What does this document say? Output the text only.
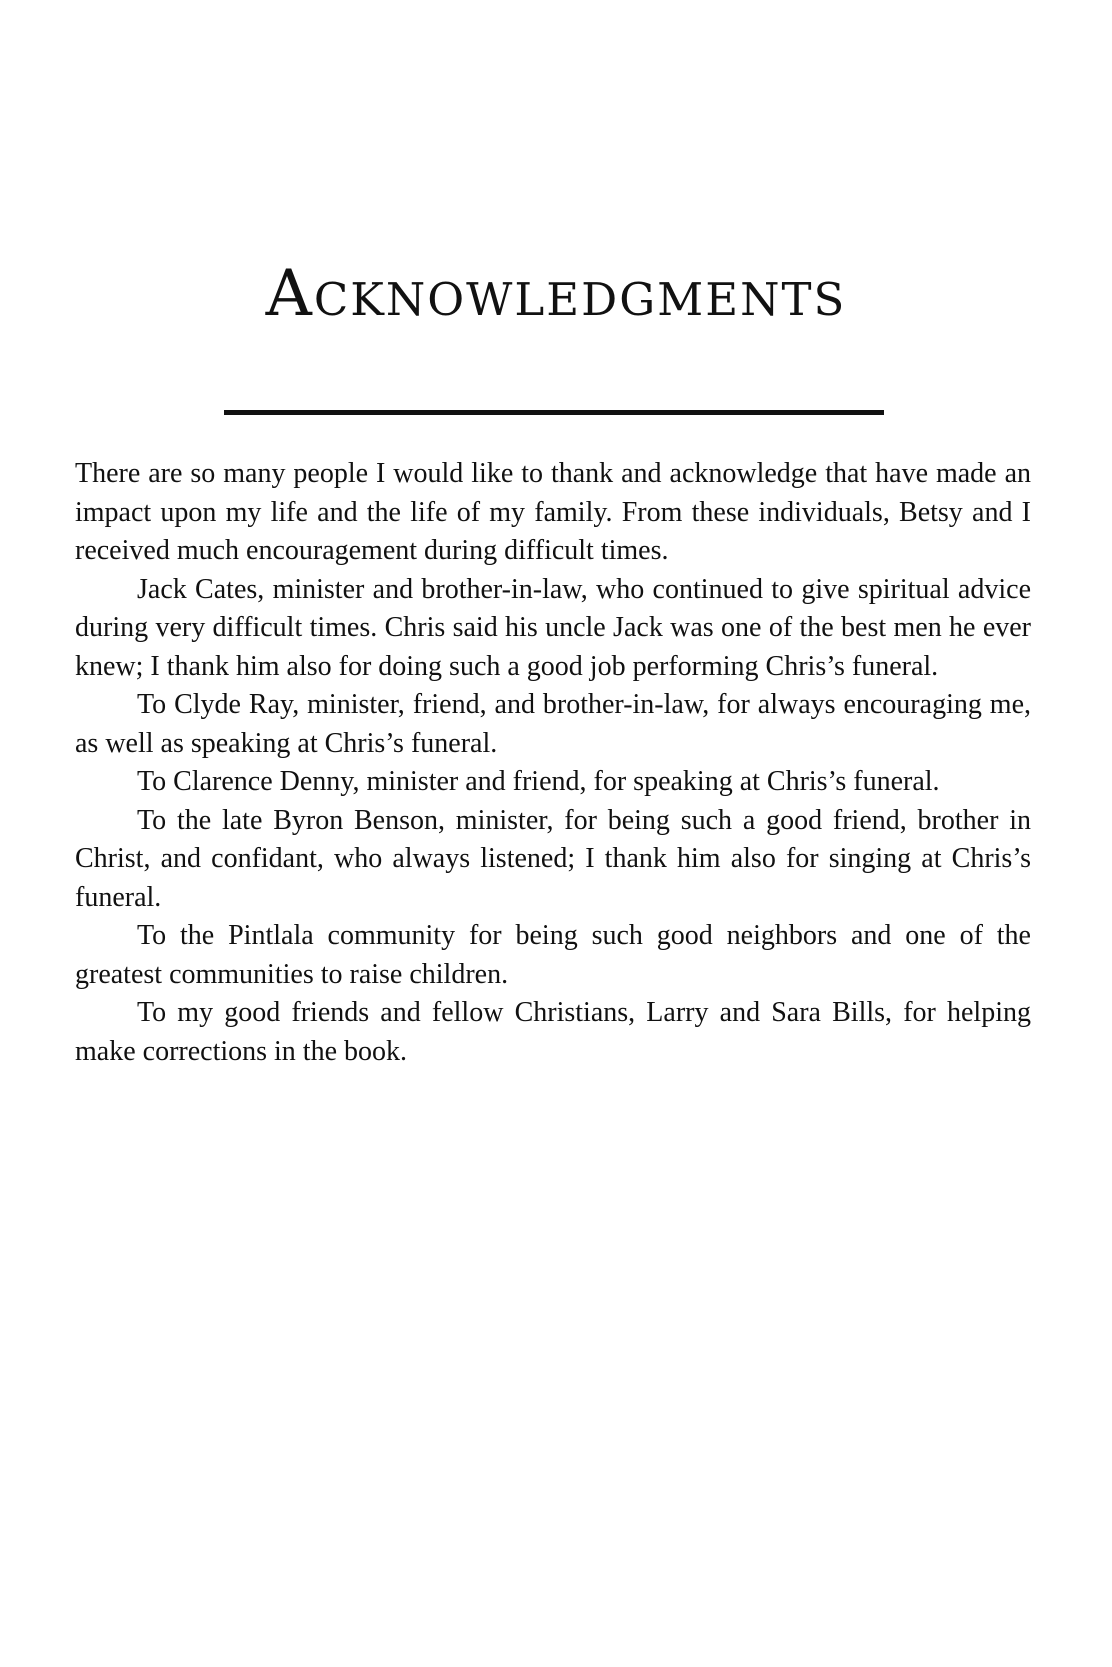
Acknowledgments

There are so many people I would like to thank and acknowledge that have made an impact upon my life and the life of my family. From these individuals, Betsy and I received much encouragement during difficult times.

Jack Cates, minister and brother-in-law, who continued to give spiritual advice during very difficult times. Chris said his uncle Jack was one of the best men he ever knew; I thank him also for doing such a good job performing Chris’s funeral.

To Clyde Ray, minister, friend, and brother-in-law, for always encouraging me, as well as speaking at Chris’s funeral.

To Clarence Denny, minister and friend, for speaking at Chris’s funeral.

To the late Byron Benson, minister, for being such a good friend, brother in Christ, and confidant, who always listened; I thank him also for singing at Chris’s funeral.

To the Pintlala community for being such good neighbors and one of the greatest communities to raise children.

To my good friends and fellow Christians, Larry and Sara Bills, for helping make corrections in the book.
